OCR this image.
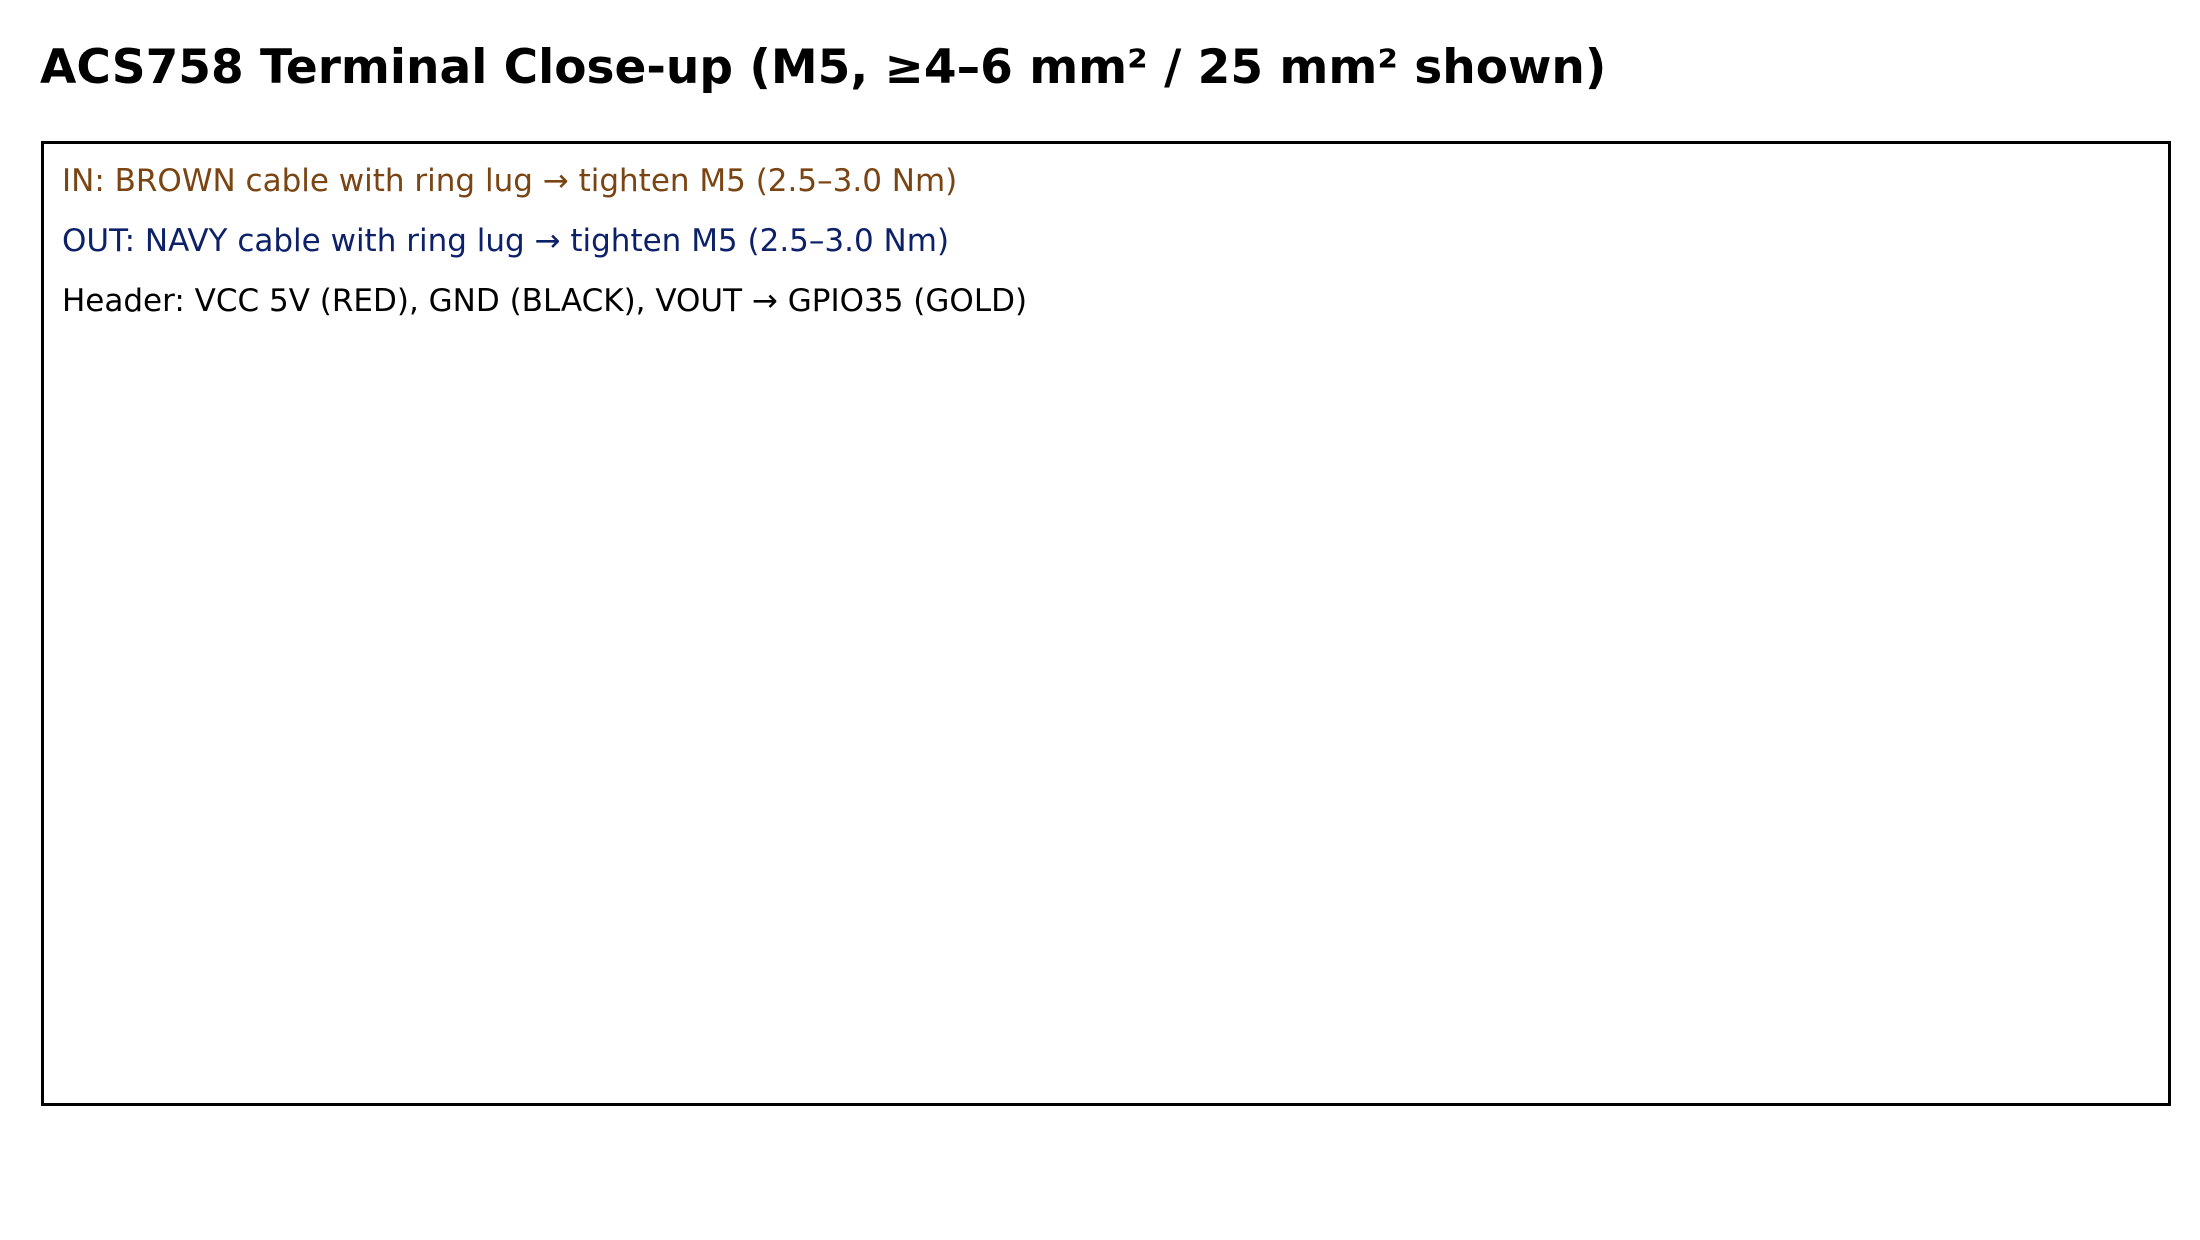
ACS758 Terminal Close-up (M5, ≥4–6 mm² / 25 mm² shown)

IN: BROWN cable with ring lug → tighten M5 (2.5–3.0 Nm)

OUT: NAVY cable with ring lug → tighten M5 (2.5–3.0 Nm)

Header: VCC 5V (RED), GND (BLACK), VOUT → GPIO35 (GOLD)
